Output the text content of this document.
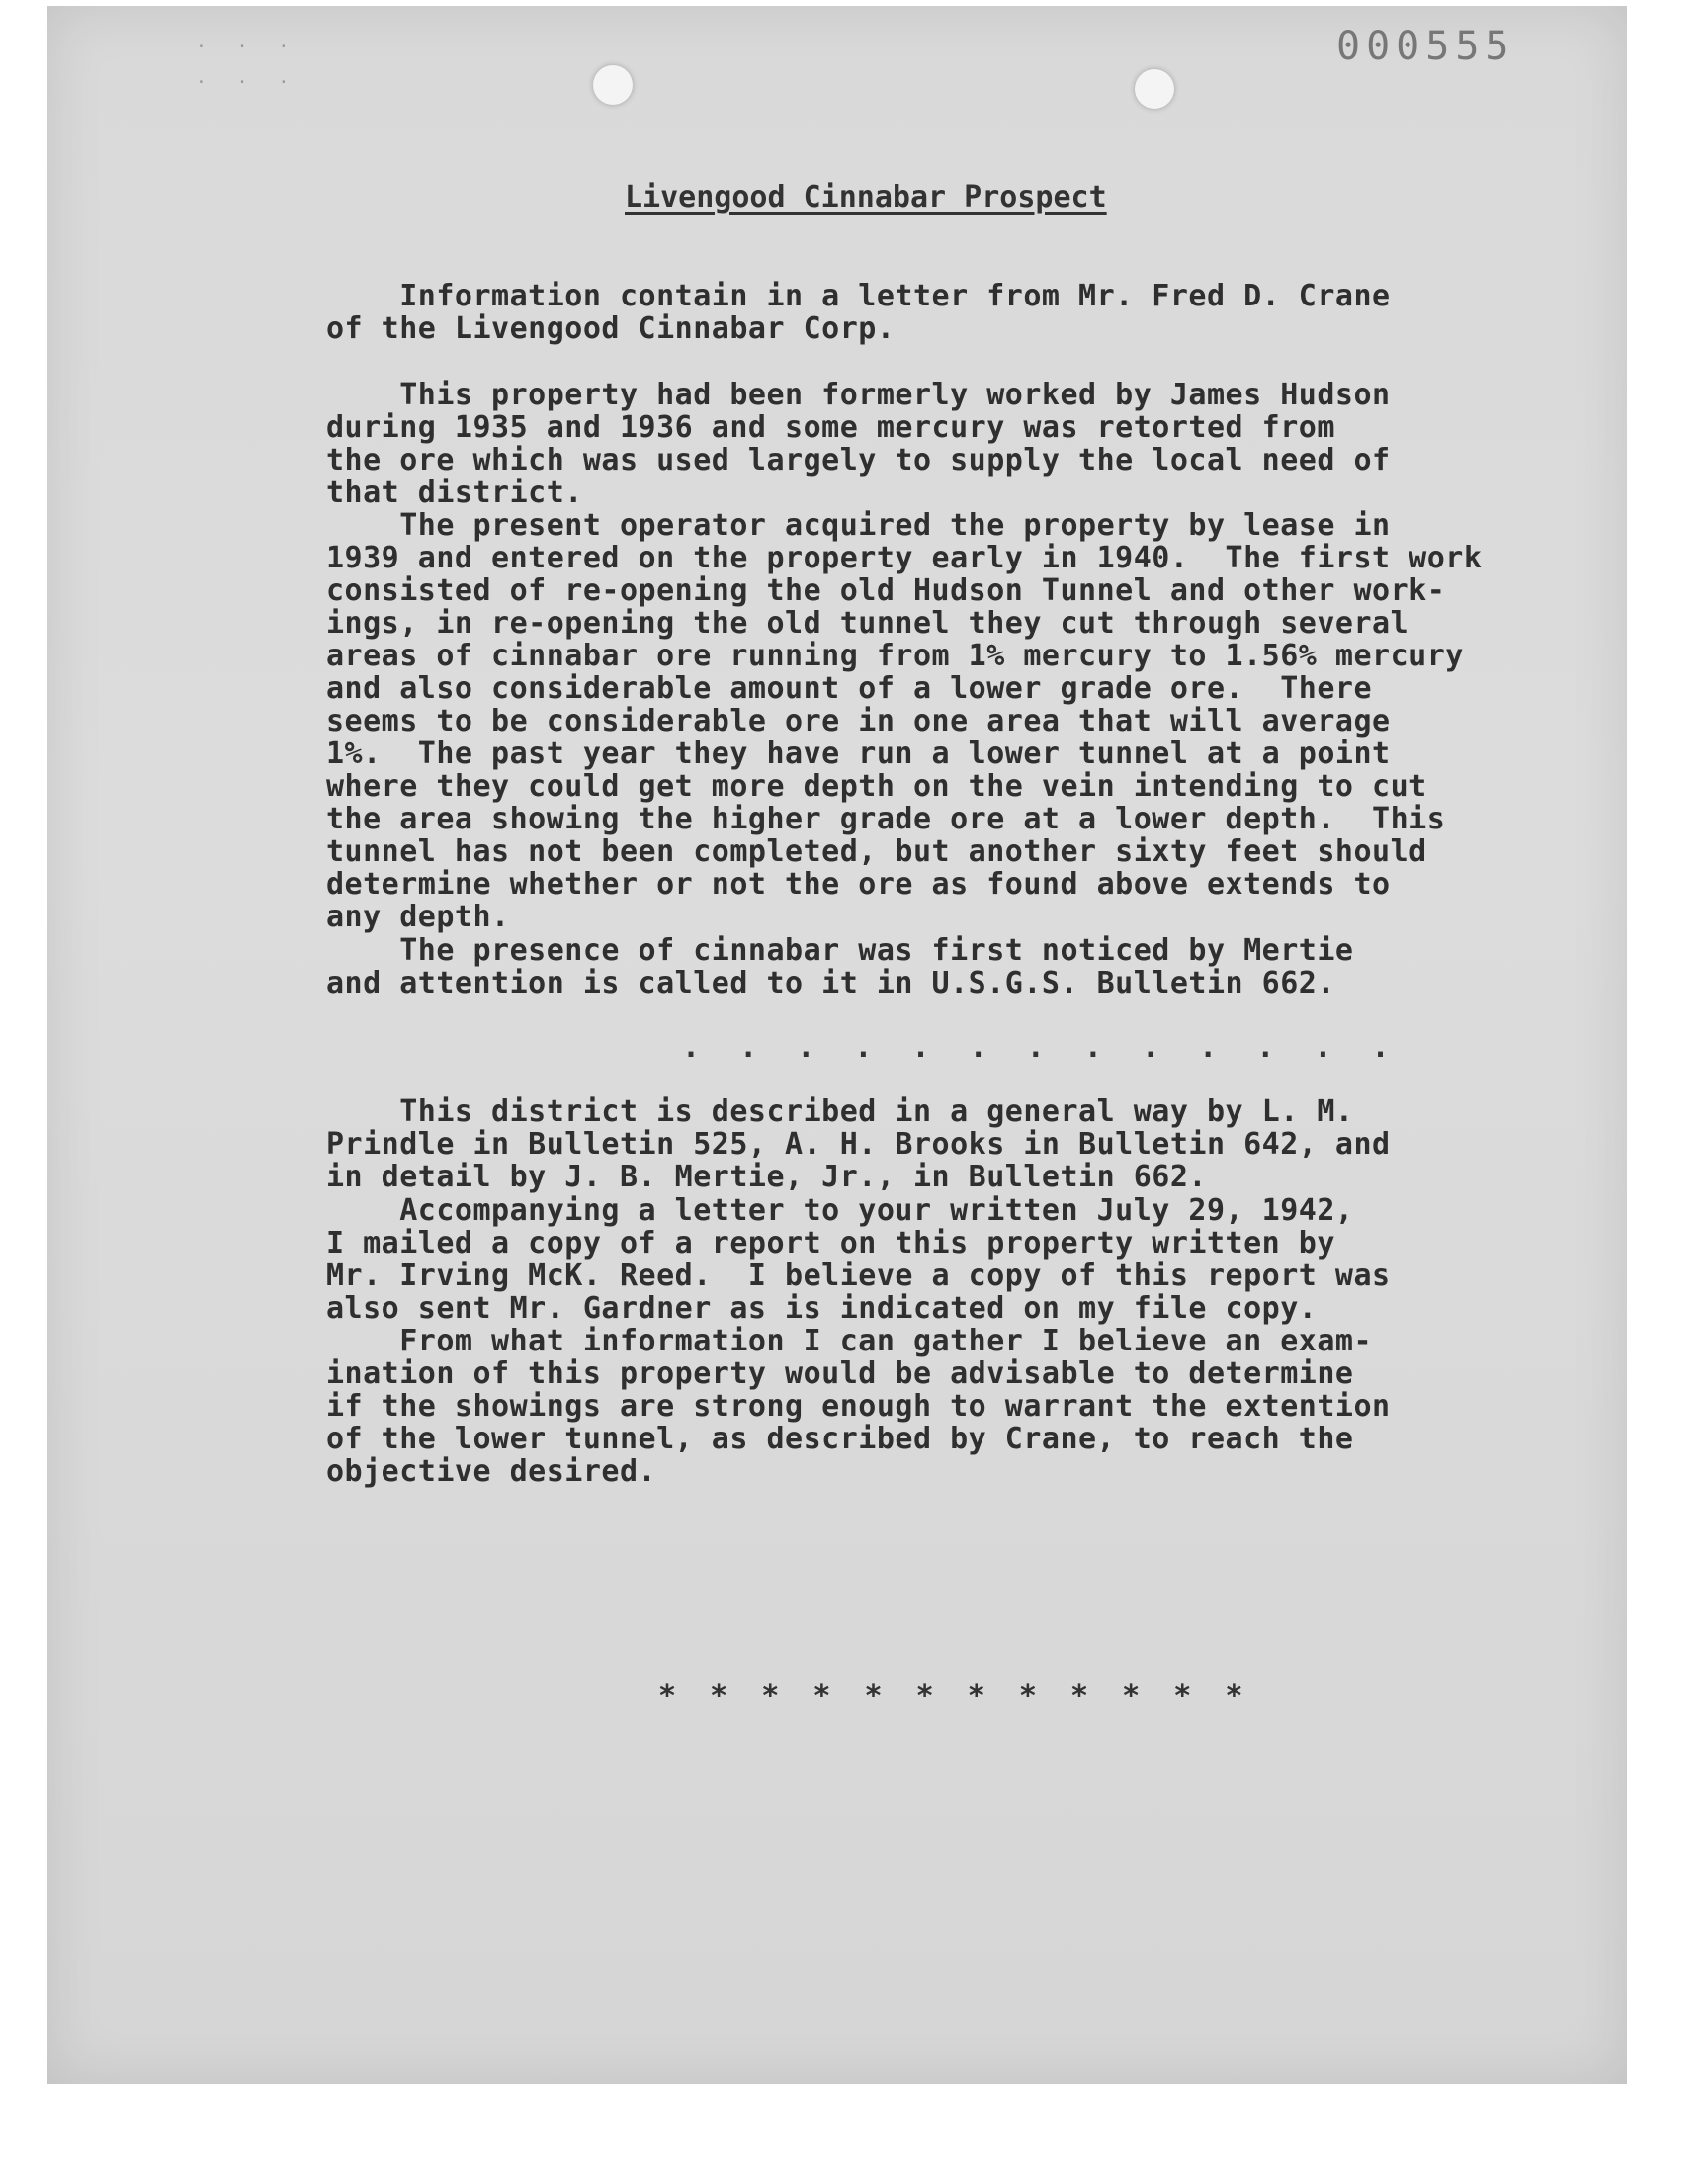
· · ·
· · ·
000555
Livengood Cinnabar Prospect

Information contain in a letter from Mr. Fred D. Crane
of the Livengood Cinnabar Corp.

This property had been formerly worked by James Hudson
during 1935 and 1936 and some mercury was retorted from
the ore which was used largely to supply the local need of
that district.

The present operator acquired the property by lease in
1939 and entered on the property early in 1940.  The first work
consisted of re-opening the old Hudson Tunnel and other work-
ings, in re-opening the old tunnel they cut through several
areas of cinnabar ore running from 1% mercury to 1.56% mercury
and also considerable amount of a lower grade ore.  There
seems to be considerable ore in one area that will average
1%.  The past year they have run a lower tunnel at a point
where they could get more depth on the vein intending to cut
the area showing the higher grade ore at a lower depth.  This
tunnel has not been completed, but another sixty feet should
determine whether or not the ore as found above extends to
any depth.

The presence of cinnabar was first noticed by Mertie
and attention is called to it in U.S.G.S. Bulletin 662.

. . . . . . . . . . . . .

This district is described in a general way by L. M.
Prindle in Bulletin 525, A. H. Brooks in Bulletin 642, and
in detail by J. B. Mertie, Jr., in Bulletin 662.

Accompanying a letter to your written July 29, 1942,
I mailed a copy of a report on this property written by
Mr. Irving McK. Reed.  I believe a copy of this report was
also sent Mr. Gardner as is indicated on my file copy.

From what information I can gather I believe an exam-
ination of this property would be advisable to determine
if the showings are strong enough to warrant the extention
of the lower tunnel, as described by Crane, to reach the
objective desired.

* * * * * * * * * * * *
